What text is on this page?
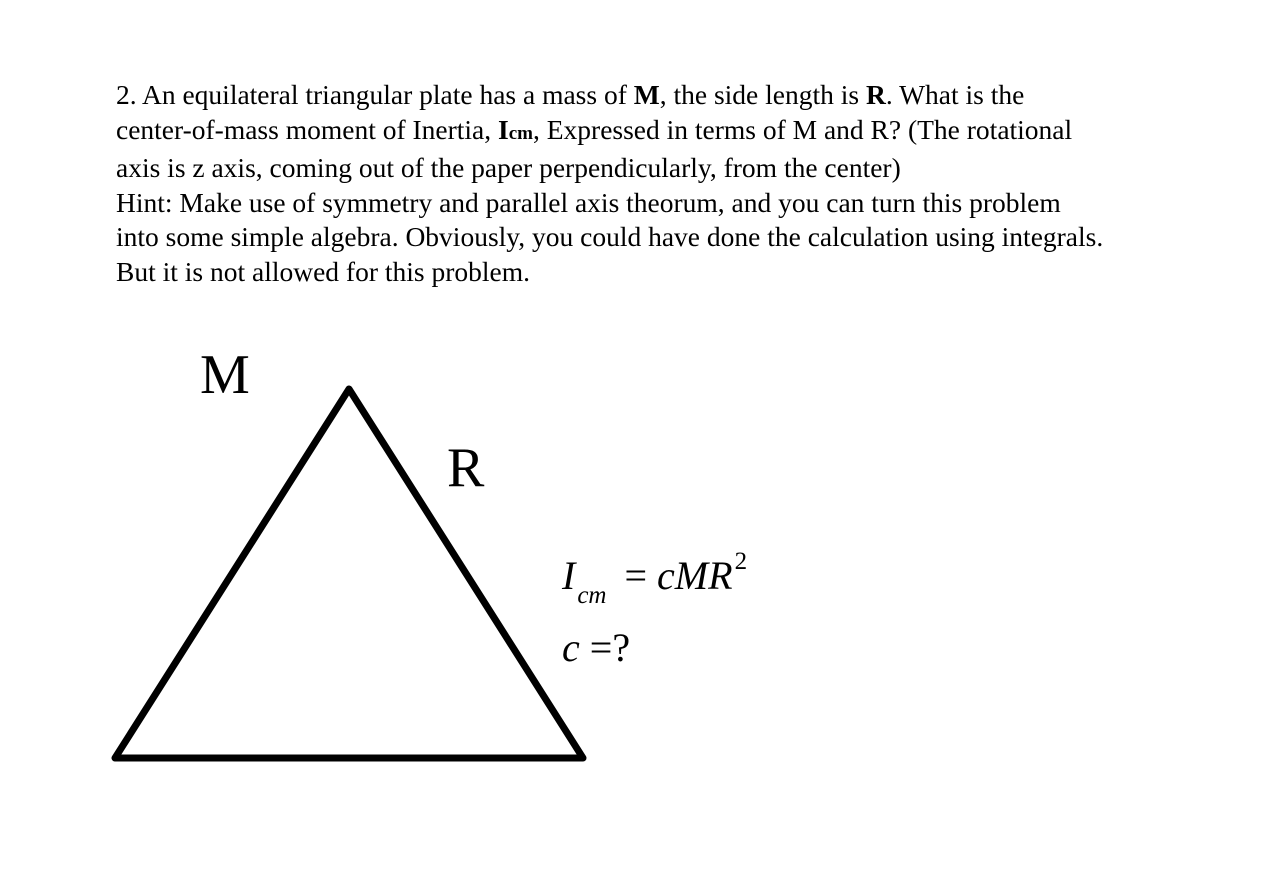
2. An equilateral triangular plate has a mass of M, the side length is R. What is the
center-of-mass moment of Inertia, Icm, Expressed in terms of M and R? (The rotational
axis is z axis, coming out of the paper perpendicularly, from the center)
Hint: Make use of symmetry and parallel axis theorum, and you can turn this problem
into some simple algebra. Obviously, you could have done the calculation using integrals.
But it is not allowed for this problem.
M
R
$I_{cm} = cMR^2$
c =?
